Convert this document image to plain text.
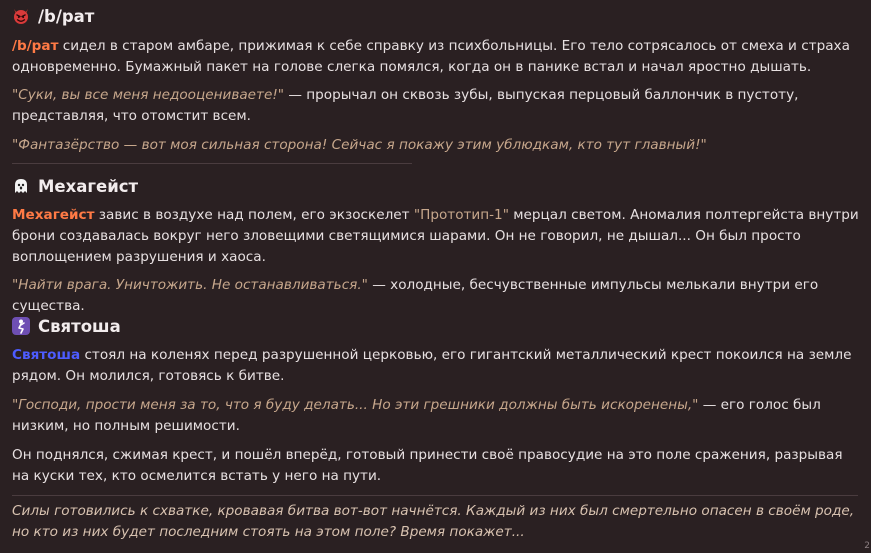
/b/рат

/b/рат сидел в старом амбаре, прижимая к себе справку из психбольницы. Его тело сотрясалось от смеха и страха одновременно. Бумажный пакет на голове слегка помялся, когда он в панике встал и начал яростно дышать.

"Суки, вы все меня недооцениваете!" — прорычал он сквозь зубы, выпуская перцовый баллончик в пустоту, представляя, что отомстит всем.

"Фантазёрство — вот моя сильная сторона! Сейчас я покажу этим ублюдкам, кто тут главный!"

Мехагейст

Мехагейст завис в воздухе над полем, его экзоскелет "Прототип-1" мерцал светом. Аномалия полтергейста внутри брони создавалась вокруг него зловещими светящимися шарами. Он не говорил, не дышал... Он был просто воплощением разрушения и хаоса.

"Найти врага. Уничтожить. Не останавливаться." — холодные, бесчувственные импульсы мелькали внутри его существа.

Святоша

Святоша стоял на коленях перед разрушенной церковью, его гигантский металлический крест покоился на земле рядом. Он молился, готовясь к битве.

"Господи, прости меня за то, что я буду делать... Но эти грешники должны быть искоренены," — его голос был низким, но полным решимости.

Он поднялся, сжимая крест, и пошёл вперёд, готовый принести своё правосудие на это поле сражения, разрывая на куски тех, кто осмелится встать у него на пути.

Силы готовились к схватке, кровавая битва вот-вот начнётся. Каждый из них был смертельно опасен в своём роде, но кто из них будет последним стоять на этом поле? Время покажет...

2
